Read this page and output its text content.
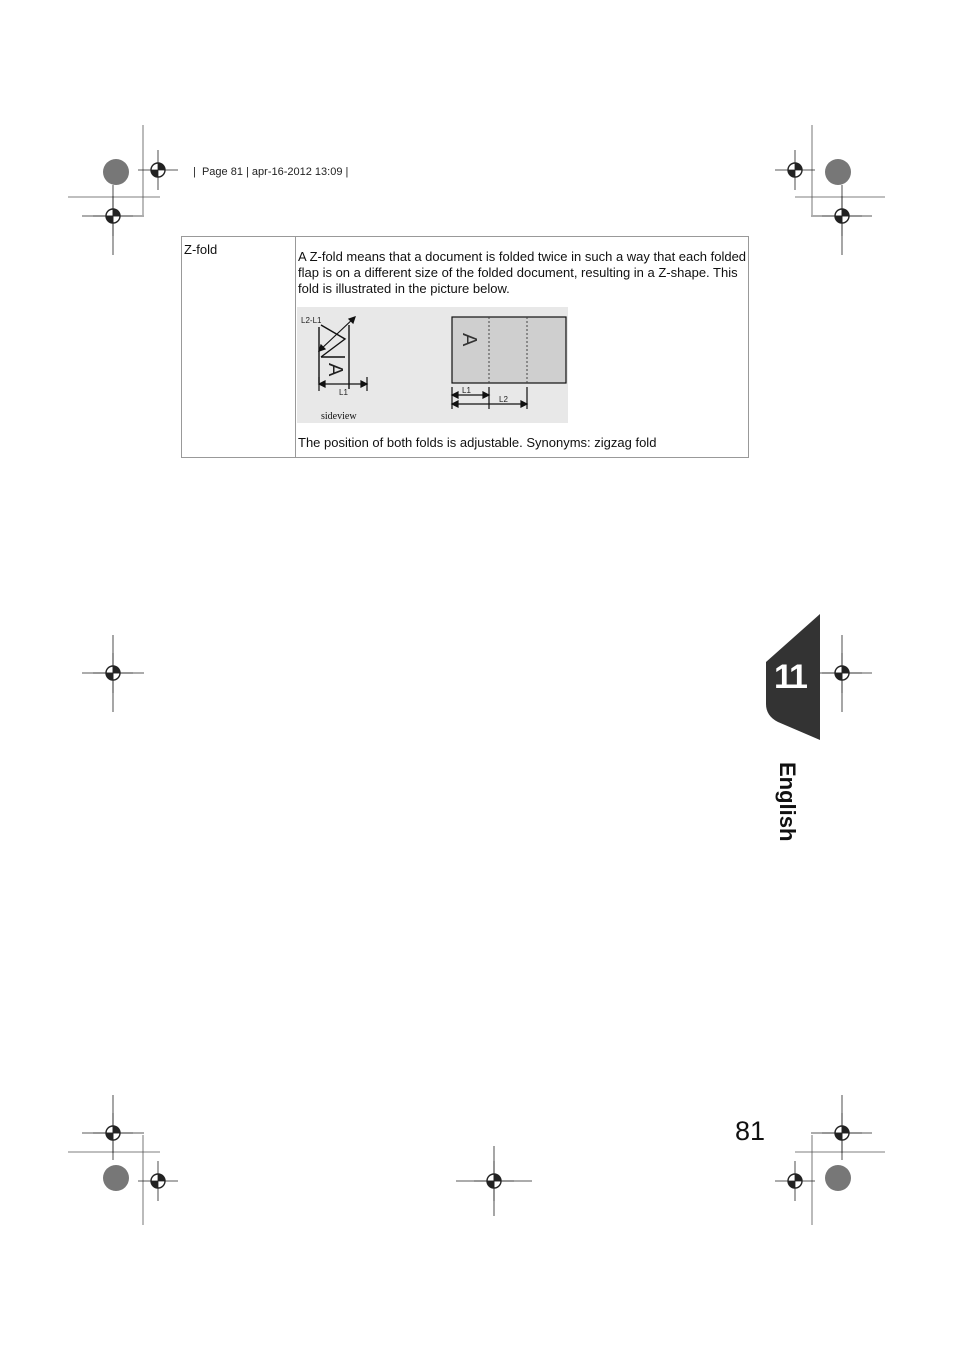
|  Page 81 | apr-16-2012 13:09 |
Z-fold	A Z-fold means that a document is folded twice in such a way that each folded flap is on a different size of the folded document, resulting in a Z-shape. This fold is illustrated in the picture below.
L2-L1
A
L1
sideview
A
L1
L2
The position of both folds is adjustable. Synonyms: zigzag fold
11
English
81
